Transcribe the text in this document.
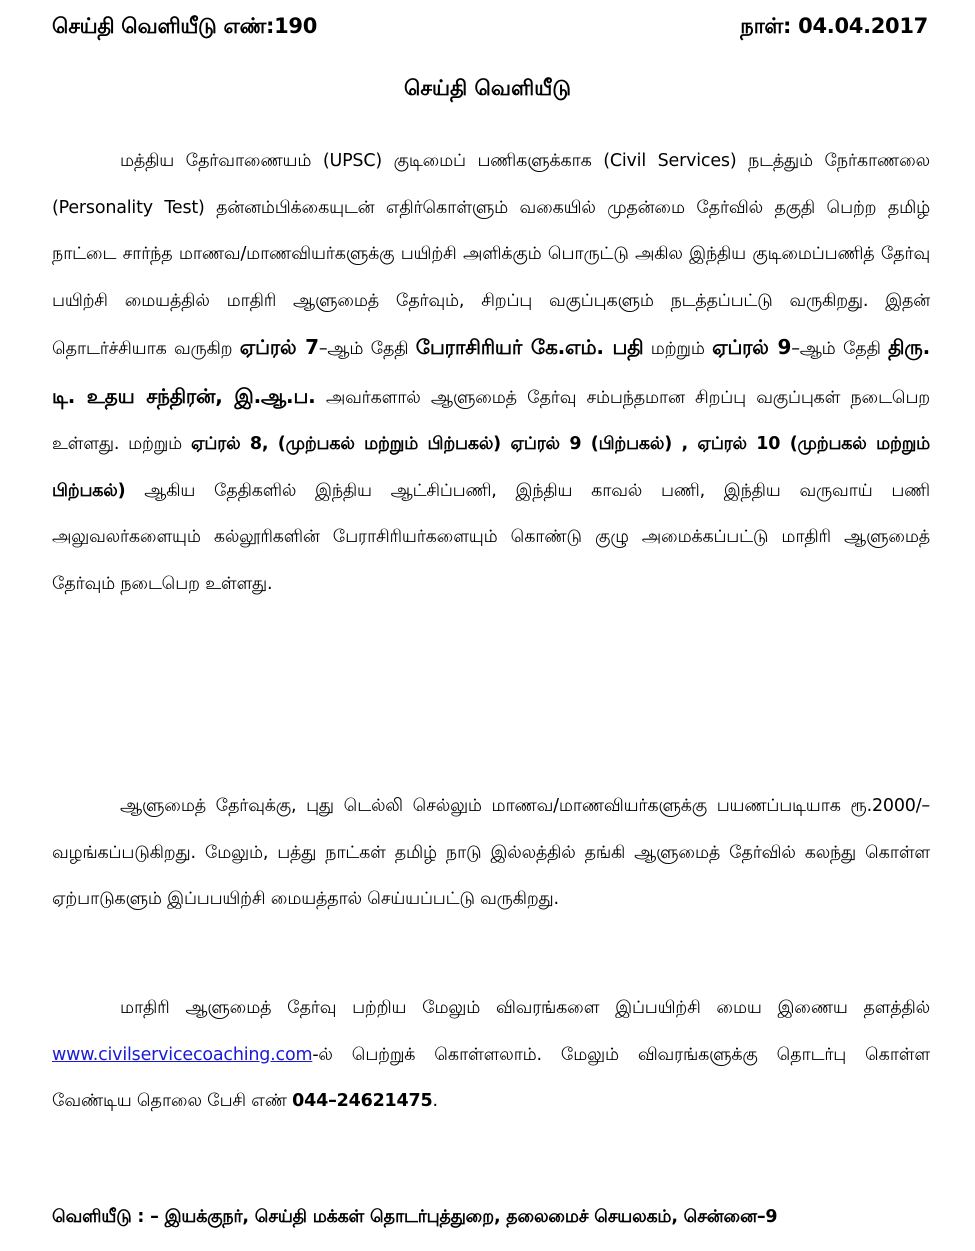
செய்தி வெளியீடு எண்:190	நாள்: 04.04.2017
செய்தி வெளியீடு
மத்திய தேர்வாணையம் (UPSC) குடிமைப் பணிகளுக்காக (Civil Services) நடத்தும் நேர்காணலை (Personality Test) தன்னம்பிக்கையுடன் எதிர்கொள்ளும் வகையில் முதன்மை தேர்வில் தகுதி பெற்ற தமிழ் நாட்டை சார்ந்த மாணவ/மாணவியர்களுக்கு பயிற்சி அளிக்கும் பொருட்டு அகில இந்திய குடிமைப்பணித் தேர்வு பயிற்சி மையத்தில் மாதிரி ஆளுமைத் தேர்வும், சிறப்பு வகுப்புகளும் நடத்தப்பட்டு வருகிறது. இதன் தொடர்ச்சியாக வருகிற ஏப்ரல் 7–ஆம் தேதி பேராசிரியர் கே.எம். பதி மற்றும் ஏப்ரல் 9–ஆம் தேதி திரு. டி. உதய சந்திரன், இ.ஆ.ப. அவர்களால் ஆளுமைத் தேர்வு சம்பந்தமான சிறப்பு வகுப்புகள் நடைபெற உள்ளது. மற்றும் ஏப்ரல் 8, (முற்பகல் மற்றும் பிற்பகல்) ஏப்ரல் 9 (பிற்பகல்) , ஏப்ரல் 10 (முற்பகல் மற்றும் பிற்பகல்) ஆகிய தேதிகளில் இந்திய ஆட்சிப்பணி, இந்திய காவல் பணி, இந்திய வருவாய் பணி அலுவலர்களையும் கல்லூரிகளின் பேராசிரியர்களையும் கொண்டு குழு அமைக்கப்பட்டு மாதிரி ஆளுமைத் தேர்வும் நடைபெற உள்ளது.
ஆளுமைத் தேர்வுக்கு, புது டெல்லி செல்லும் மாணவ/மாணவியர்களுக்கு பயணப்படியாக ரூ.2000/–வழங்கப்படுகிறது. மேலும், பத்து நாட்கள் தமிழ் நாடு இல்லத்தில் தங்கி ஆளுமைத் தேர்வில் கலந்து கொள்ள ஏற்பாடுகளும் இப்பபயிற்சி மையத்தால் செய்யப்பட்டு வருகிறது.
மாதிரி ஆளுமைத் தேர்வு பற்றிய மேலும் விவரங்களை இப்பயிற்சி மைய இணைய தளத்தில் www.civilservicecoaching.com-ல் பெற்றுக் கொள்ளலாம். மேலும் விவரங்களுக்கு தொடர்பு கொள்ள வேண்டிய தொலை பேசி எண் 044–24621475.
வெளியீடு : – இயக்குநர், செய்தி மக்கள் தொடர்புத்துறை, தலைமைச் செயலகம், சென்னை–9
